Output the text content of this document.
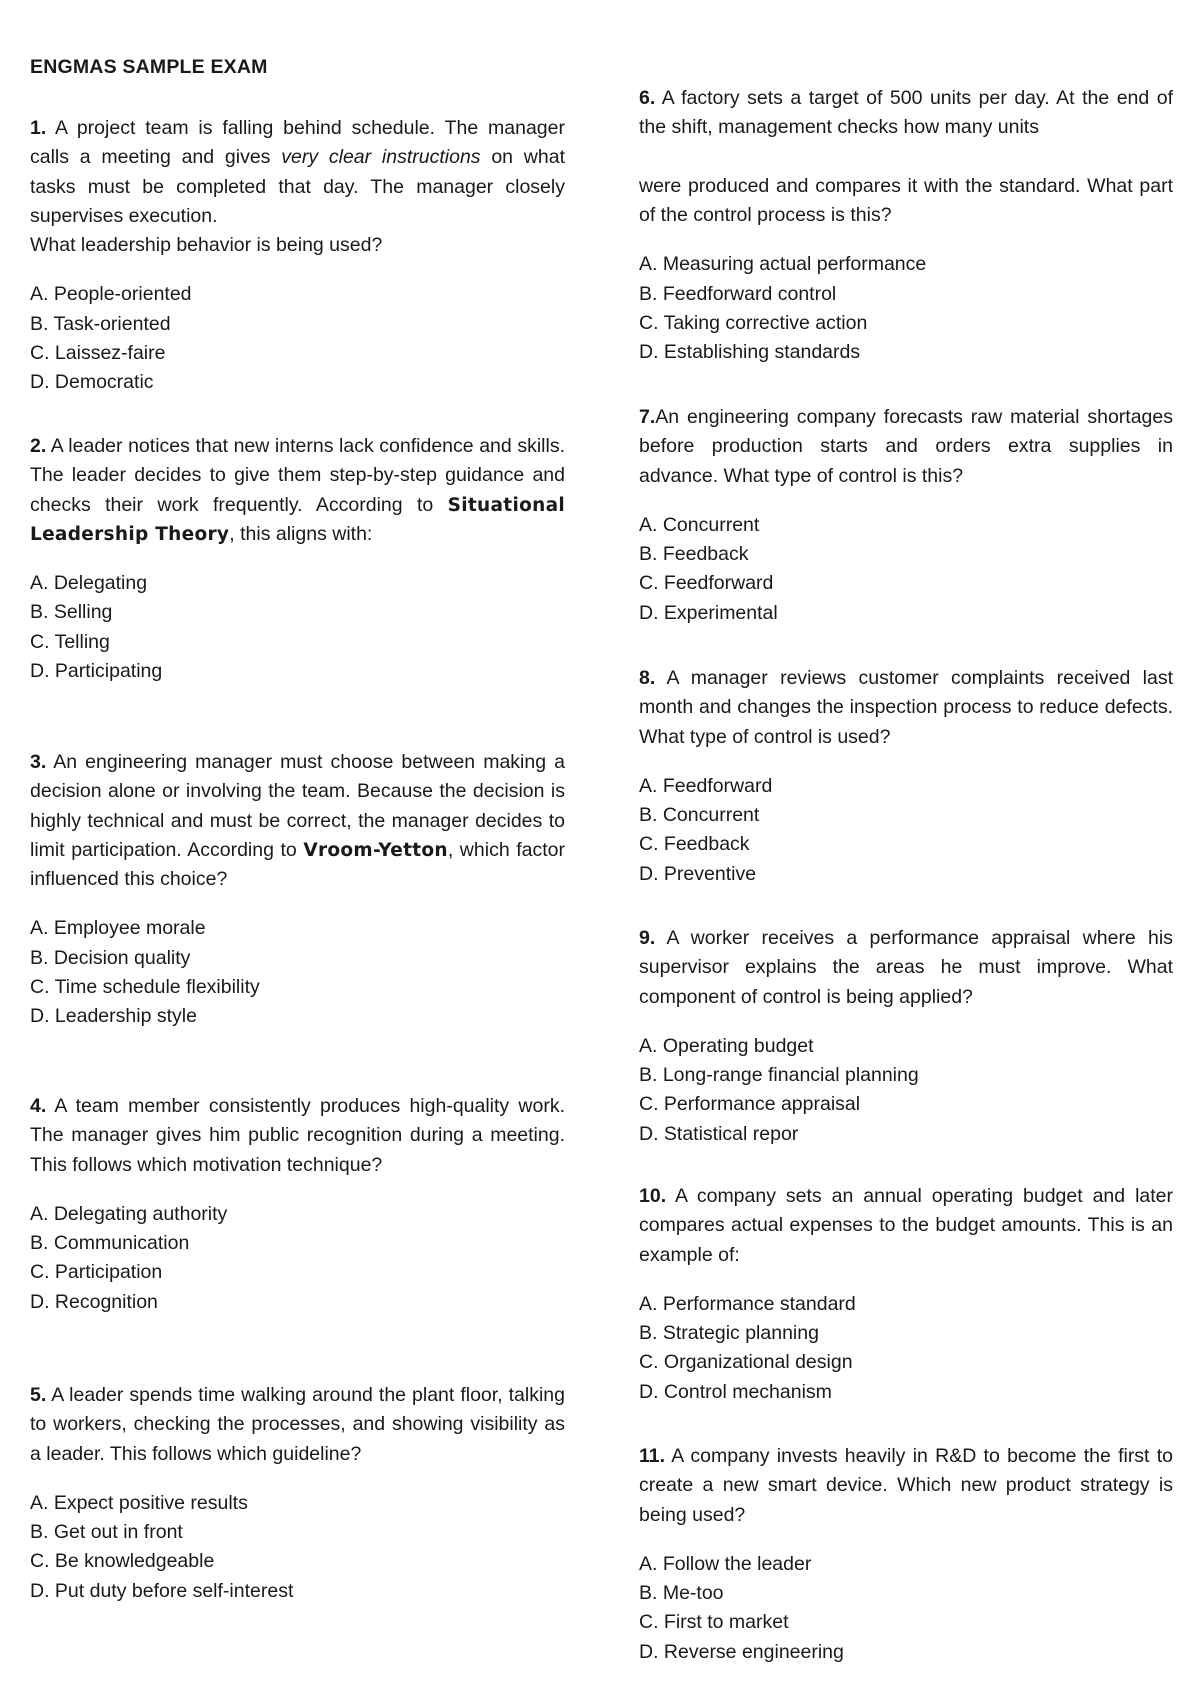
ENGMAS SAMPLE EXAM

1. A project team is falling behind schedule. The manager calls a meeting and gives very clear instructions on what tasks must be completed that day. The manager closely supervises execution.
What leadership behavior is being used?

A. People-oriented
B. Task-oriented
C. Laissez-faire
D. Democratic

2. A leader notices that new interns lack confidence and skills. The leader decides to give them step-by-step guidance and checks their work frequently. According to Situational Leadership Theory, this aligns with:

A. Delegating
B. Selling
C. Telling
D. Participating

3. An engineering manager must choose between making a decision alone or involving the team. Because the decision is highly technical and must be correct, the manager decides to limit participation. According to Vroom-Yetton, which factor influenced this choice?

A. Employee morale
B. Decision quality
C. Time schedule flexibility
D. Leadership style

4. A team member consistently produces high-quality work. The manager gives him public recognition during a meeting. This follows which motivation technique?

A. Delegating authority
B. Communication
C. Participation
D. Recognition

5. A leader spends time walking around the plant floor, talking to workers, checking the processes, and showing visibility as a leader. This follows which guideline?

A. Expect positive results
B. Get out in front
C. Be knowledgeable
D. Put duty before self-interest

6. A factory sets a target of 500 units per day. At the end of the shift, management checks how many units

were produced and compares it with the standard. What part of the control process is this?

A. Measuring actual performance
B. Feedforward control
C. Taking corrective action
D. Establishing standards

7.An engineering company forecasts raw material shortages before production starts and orders extra supplies in advance. What type of control is this?

A. Concurrent
B. Feedback
C. Feedforward
D. Experimental

8. A manager reviews customer complaints received last month and changes the inspection process to reduce defects. What type of control is used?

A. Feedforward
B. Concurrent
C. Feedback
D. Preventive

9. A worker receives a performance appraisal where his supervisor explains the areas he must improve. What component of control is being applied?

A. Operating budget
B. Long-range financial planning
C. Performance appraisal
D. Statistical repor

10. A company sets an annual operating budget and later compares actual expenses to the budget amounts. This is an example of:

A. Performance standard
B. Strategic planning
C. Organizational design
D. Control mechanism

11. A company invests heavily in R&D to become the first to create a new smart device. Which new product strategy is being used?

A. Follow the leader
B. Me-too
C. First to market
D. Reverse engineering
